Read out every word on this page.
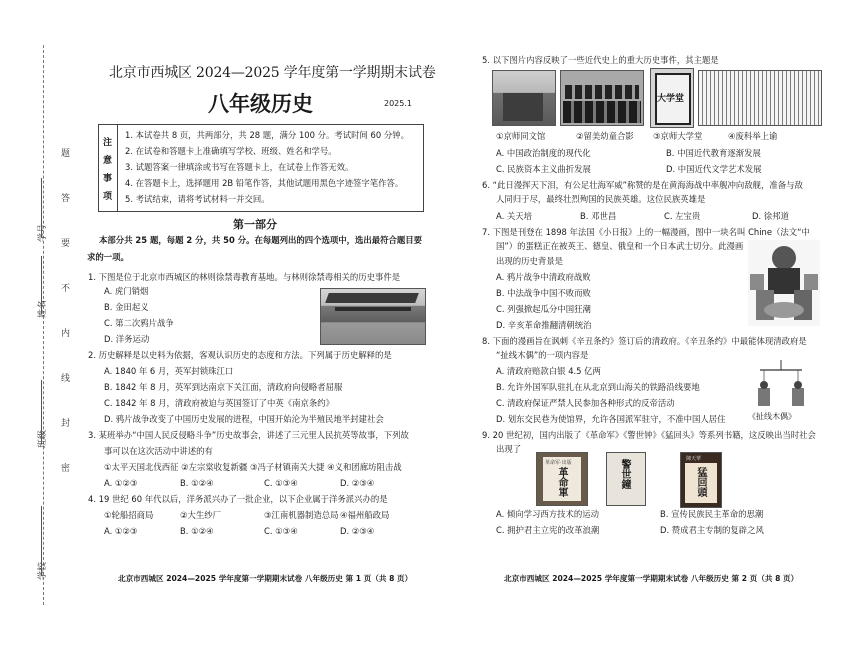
题
答
要
不
内
线
封
密
学号
姓名
班级
学校
北京市西城区 2024—2025 学年度第一学期期末试卷
八年级历史	2025.1
注
意
事
项
1. 本试卷共 8 页，共两部分，共 28 题，满分 100 分。考试时间 60 分钟。
2. 在试卷和答题卡上准确填写学校、班级、姓名和学号。
3. 试题答案一律填涂或书写在答题卡上，在试卷上作答无效。
4. 在答题卡上，选择题用 2B 铅笔作答，其他试题用黑色字迹签字笔作答。
5. 考试结束，请将考试材料一并交回。
第一部分
本部分共 25 题，每题 2 分，共 50 分。在每题列出的四个选项中，选出最符合题目要
求的一项。
1. 下图是位于北京市西城区的林则徐禁毒教育基地。与林则徐禁毒相关的历史事件是
A. 虎门销烟
B. 金田起义
C. 第二次鸦片战争
D. 洋务运动
2. 历史解释是以史料为依据，客观认识历史的态度和方法。下列属于历史解释的是
A. 1840 年 6 月，英军封锁珠江口
B. 1842 年 8 月，英军到达南京下关江面，清政府向侵略者屈服
C. 1842 年 8 月，清政府被迫与英国签订了中英《南京条约》
D. 鸦片战争改变了中国历史发展的进程，中国开始沦为半殖民地半封建社会
3. 某班举办“中国人民反侵略斗争”历史故事会，讲述了三元里人民抗英等故事，下列故
事可以在这次活动中讲述的有
①太平天国北伐西征 ②左宗棠收复新疆 ③冯子材镇南关大捷 ④义和团廊坊阻击战
A. ①②③	B. ①②④	C. ①③④	D. ②③④
4. 19 世纪 60 年代以后，洋务派兴办了一批企业，以下企业属于洋务派兴办的是
①轮船招商局	②大生纱厂	③江南机器制造总局 ④福州船政局
A. ①②③	B. ①②④	C. ①③④	D. ②③④
北京市西城区 2024—2025 学年度第一学期期末试卷 八年级历史 第 1 页（共 8 页）
5. 以下图片内容反映了一些近代史上的重大历史事件，其主题是
大学堂
①京师同文馆	②留美幼童合影 ③京师大学堂	④废科举上谕
A. 中国政治制度的现代化	B. 中国近代教育逐渐发展
C. 民族资本主义曲折发展	D. 中国近代文学艺术发展
6. “此日漫挥天下泪，有公足壮海军威”称赞的是在黄海海战中率舰冲向敌舰，准备与敌
人同归于尽，最终壮烈殉国的民族英雄。这位民族英雄是
A. 关天培	B. 邓世昌	C. 左宝贵	D. 徐邦道
7. 下图是刊登在 1898 年法国《小日报》上的一幅漫画，图中一块名叫 Chine（法文“中
国”）的蛋糕正在被英王、德皇、俄皇和一个日本武士切分。此漫画
出现的历史背景是
A. 鸦片战争中清政府战败
B. 中法战争中国不败而败
C. 列强掀起瓜分中国狂潮
D. 辛亥革命推翻清朝统治
8. 下面的漫画旨在讽刺《辛丑条约》签订后的清政府。《辛丑条约》中最能体现清政府是
“扯线木偶”的一项内容是
A. 清政府赔款白银 4.5 亿两
B. 允许外国军队驻扎在从北京到山海关的铁路沿线要地
C. 清政府保证严禁人民参加各种形式的反帝活动
D. 划东交民巷为使馆界，允许各国派军驻守，不准中国人居住	《扯线木偶》
9. 20 世纪初，国内出版了《革命军》《警世钟》《猛回头》等系列书籍，这反映出当时社会
出现了
革命军·出版
革命軍	警世鐘	陳天華
猛回頭
A. 倾向学习西方技术的运动	B. 宣传民族民主革命的思潮
C. 拥护君主立宪的改革浪潮	D. 赞成君主专制的复辟之风
北京市西城区 2024—2025 学年度第一学期期末试卷 八年级历史 第 2 页（共 8 页）
